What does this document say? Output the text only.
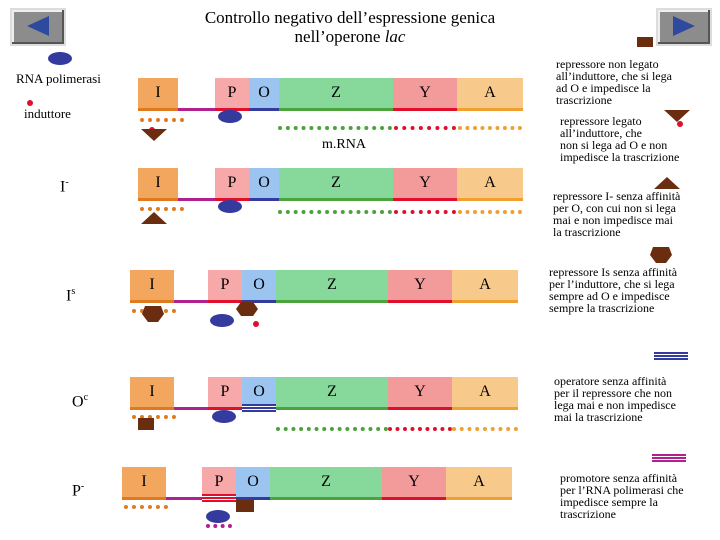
Controllo negativo dell’espressione genica
nell’operone lac
RNA polimerasi
induttore
m.RNA
I-
$I^s$
$O^c$
P-
I	P	O	Z	Y	A
I	P	O	Z	Y	A
I	P	O	Z	Y	A
I	P	O	Z	Y	A
I	P	O	Z	Y	A
repressore non legato
all’induttore, che si lega
ad O e impedisce la
trascrizione
repressore legato
all’induttore, che
non si lega ad O e non
impedisce la trascrizione
repressore I- senza affinità
per O, con cui non si lega
mai e non impedisce mai
la trascrizione
repressore Is senza affinità
per l’induttore, che si lega
sempre ad O e impedisce
sempre la trascrizione
operatore senza affinità
per il repressore che non
lega mai e non impedisce
mai la trascrizione
promotore senza affinità
per l’RNA polimerasi che
impedisce sempre la
trascrizione
